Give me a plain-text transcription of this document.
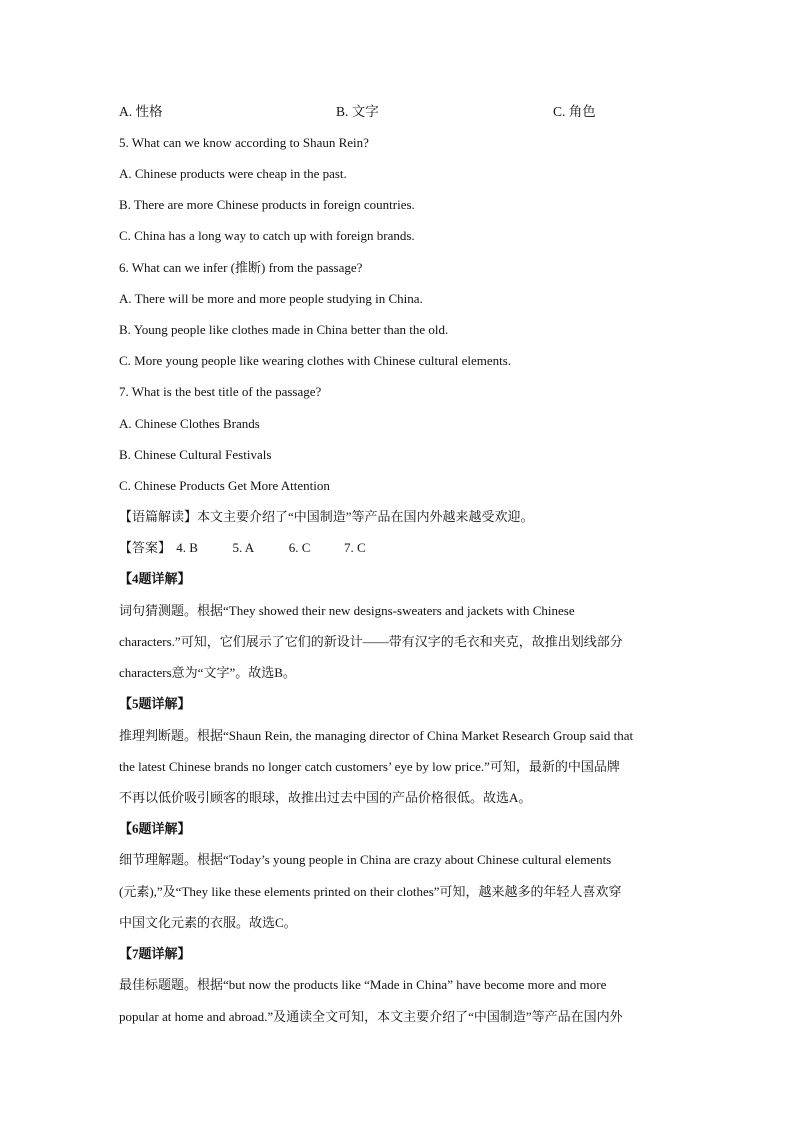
A. 性格	B. 文字	C. 角色
5. What can we know according to Shaun Rein?
A. Chinese products were cheap in the past.
B. There are more Chinese products in foreign countries.
C. China has a long way to catch up with foreign brands.
6. What can we infer (推断) from the passage?
A. There will be more and more people studying in China.
B. Young people like clothes made in China better than the old.
C. More young people like wearing clothes with Chinese cultural elements.
7. What is the best title of the passage?
A. Chinese Clothes Brands
B. Chinese Cultural Festivals
C. Chinese Products Get More Attention
【语篇解读】本文主要介绍了“中国制造”等产品在国内外越来越受欢迎。
【答案】 4. B	5. A	6. C	7. C
【4题详解】
词句猜测题。根据“They showed their new designs-sweaters and jackets with Chinese
characters.”可知，它们展示了它们的新设计——带有汉字的毛衣和夹克，故推出划线部分
characters意为“文字”。故选B。
【5题详解】
推理判断题。根据“Shaun Rein, the managing director of China Market Research Group said that
the latest Chinese brands no longer catch customers’ eye by low price.”可知，最新的中国品牌
不再以低价吸引顾客的眼球，故推出过去中国的产品价格很低。故选A。
【6题详解】
细节理解题。根据“Today’s young people in China are crazy about Chinese cultural elements
(元素),”及“They like these elements printed on their clothes”可知，越来越多的年轻人喜欢穿
中国文化元素的衣服。故选C。
【7题详解】
最佳标题题。根据“but now the products like “Made in China” have become more and more
popular at home and abroad.”及通读全文可知，本文主要介绍了“中国制造”等产品在国内外
